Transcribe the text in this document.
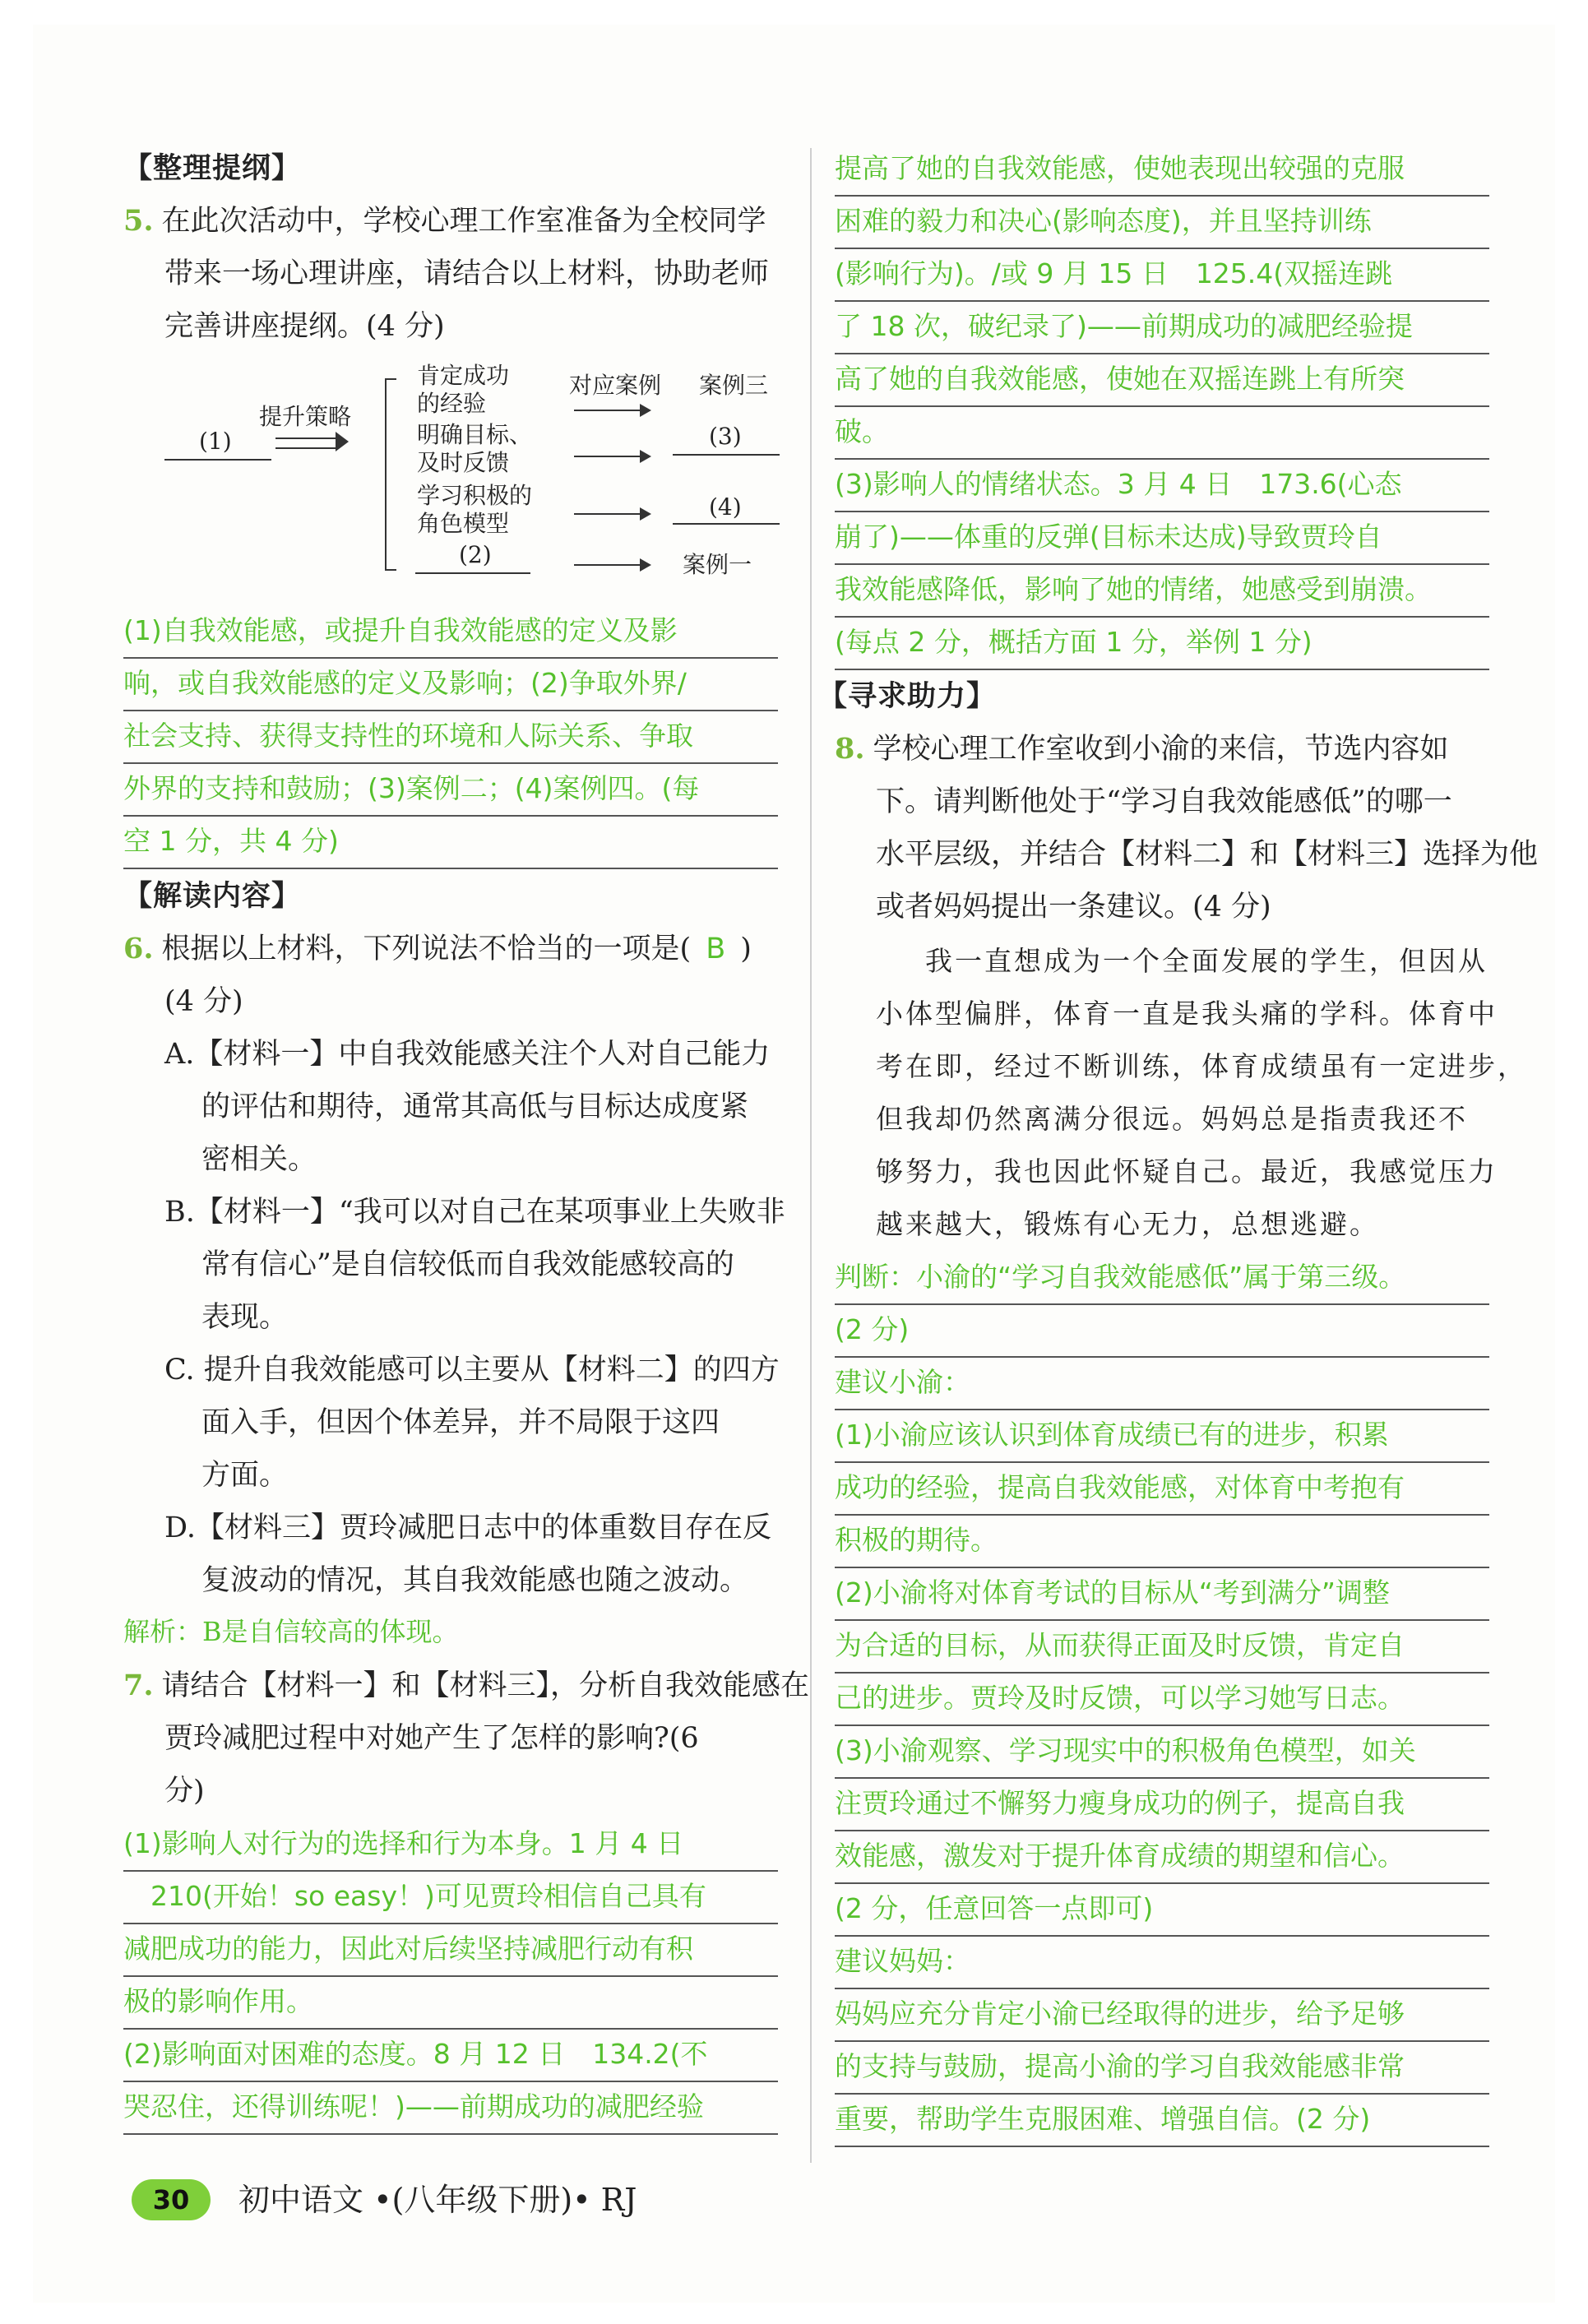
【整理提纲】
5. 在此次活动中，学校心理工作室准备为全校同学
带来一场心理讲座，请结合以上材料，协助老师
完善讲座提纲。(4 分)
(1)
提升策略
肯定成功
的经验
明确目标、
及时反馈
学习积极的
角色模型
(2)
对应案例 案例三
(3)
(4)
案例一
(1)自我效能感，或提升自我效能感的定义及影
响，或自我效能感的定义及影响；(2)争取外界/
社会支持、获得支持性的环境和人际关系、争取
外界的支持和鼓励；(3)案例二；(4)案例四。(每
空 1 分，共 4 分)
【解读内容】
6. 根据以上材料，下列说法不恰当的一项是( B )
(4 分)
A.【材料一】中自我效能感关注个人对自己能力
的评估和期待，通常其高低与目标达成度紧
密相关。
B.【材料一】“我可以对自己在某项事业上失败非
常有信心”是自信较低而自我效能感较高的
表现。
C. 提升自我效能感可以主要从【材料二】的四方
面入手，但因个体差异，并不局限于这四
方面。
D.【材料三】贾玲减肥日志中的体重数目存在反
复波动的情况，其自我效能感也随之波动。
解析：B是自信较高的体现。
7. 请结合【材料一】和【材料三】，分析自我效能感在
贾玲减肥过程中对她产生了怎样的影响?(6
分)
(1)影响人对行为的选择和行为本身。1 月 4 日
　210(开始！so easy！)可见贾玲相信自己具有
减肥成功的能力，因此对后续坚持减肥行动有积
极的影响作用。
(2)影响面对困难的态度。8 月 12 日　134.2(不
哭忍住，还得训练呢！)——前期成功的减肥经验
提高了她的自我效能感，使她表现出较强的克服
困难的毅力和决心(影响态度)，并且坚持训练
(影响行为)。/或 9 月 15 日　125.4(双摇连跳
了 18 次，破纪录了)——前期成功的减肥经验提
高了她的自我效能感，使她在双摇连跳上有所突
破。
(3)影响人的情绪状态。3 月 4 日　173.6(心态
崩了)——体重的反弹(目标未达成)导致贾玲自
我效能感降低，影响了她的情绪，她感受到崩溃。
(每点 2 分，概括方面 1 分，举例 1 分)
【寻求助力】
8. 学校心理工作室收到小渝的来信，节选内容如
下。请判断他处于“学习自我效能感低”的哪一
水平层级，并结合【材料二】和【材料三】选择为他
或者妈妈提出一条建议。(4 分)
我一直想成为一个全面发展的学生，但因从
小体型偏胖，体育一直是我头痛的学科。体育中
考在即，经过不断训练，体育成绩虽有一定进步，
但我却仍然离满分很远。妈妈总是指责我还不
够努力，我也因此怀疑自己。最近，我感觉压力
越来越大，锻炼有心无力，总想逃避。
判断：小渝的“学习自我效能感低”属于第三级。
(2 分)
建议小渝：
(1)小渝应该认识到体育成绩已有的进步，积累
成功的经验，提高自我效能感，对体育中考抱有
积极的期待。
(2)小渝将对体育考试的目标从“考到满分”调整
为合适的目标，从而获得正面及时反馈，肯定自
己的进步。贾玲及时反馈，可以学习她写日志。
(3)小渝观察、学习现实中的积极角色模型，如关
注贾玲通过不懈努力瘦身成功的例子，提高自我
效能感，激发对于提升体育成绩的期望和信心。
(2 分，任意回答一点即可)
建议妈妈：
妈妈应充分肯定小渝已经取得的进步，给予足够
的支持与鼓励，提高小渝的学习自我效能感非常
重要，帮助学生克服困难、增强自信。(2 分)
30	初中语文 •(八年级下册)• RJ
